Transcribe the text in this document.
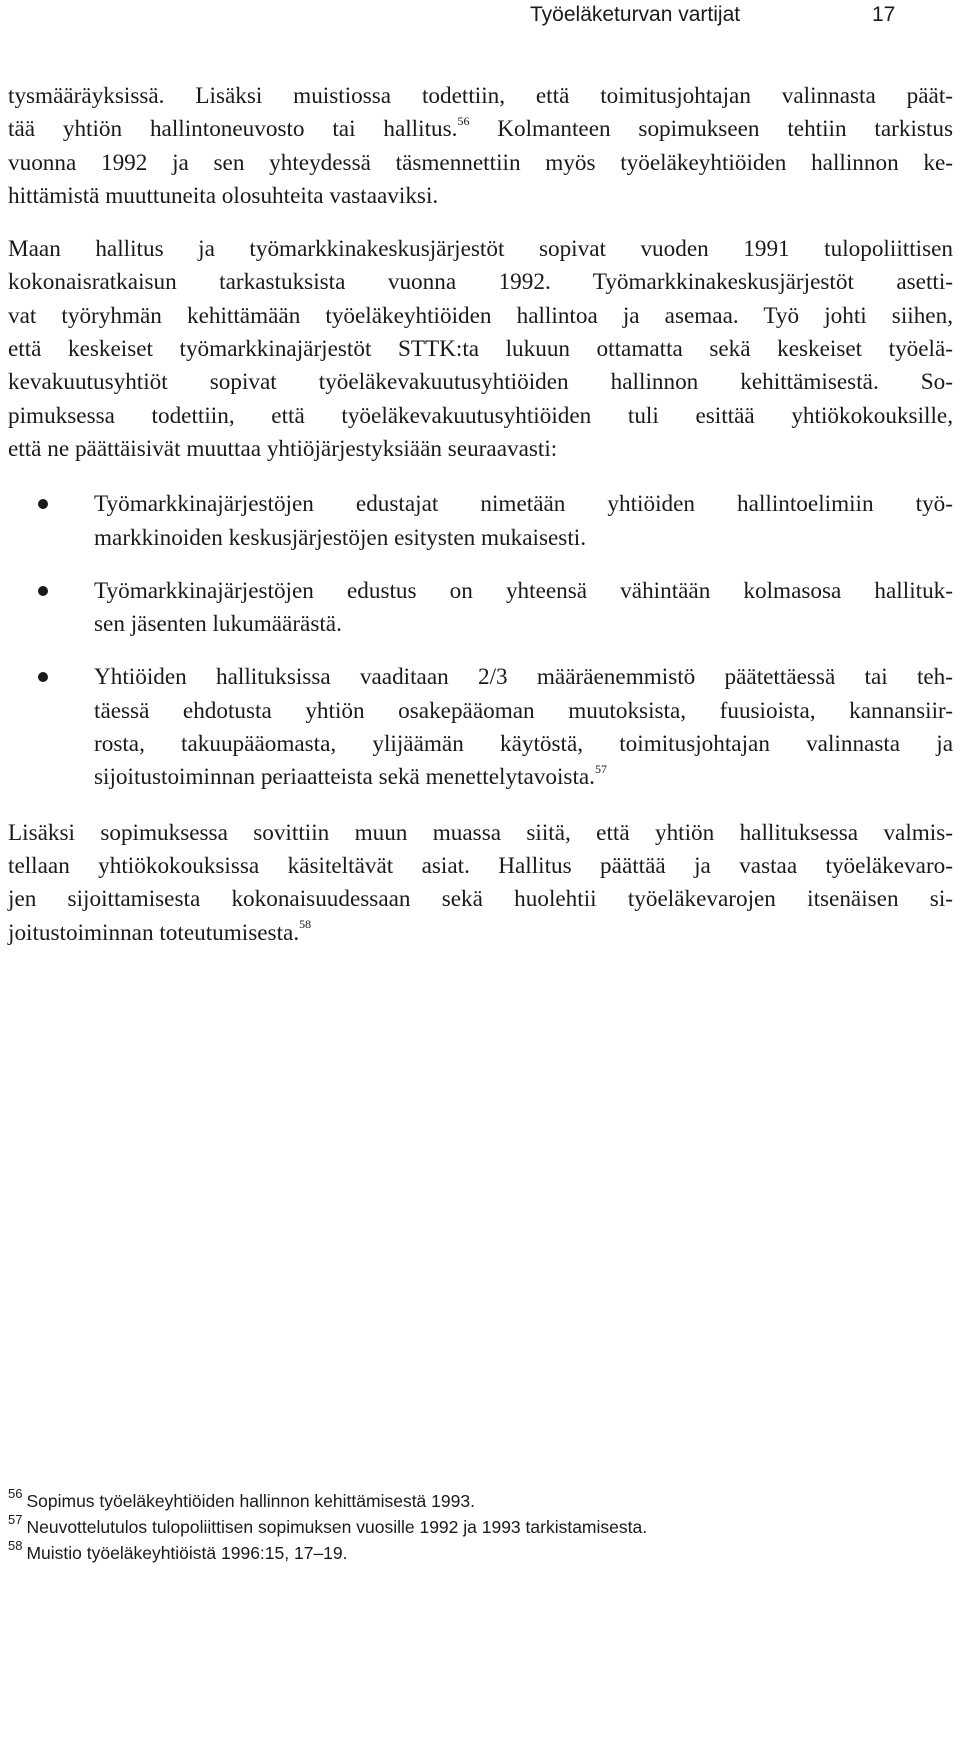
Työeläketurvan vartijat	17
tysmääräyksissä. Lisäksi muistiossa todettiin, että toimitusjohtajan valinnasta päät-
tää yhtiön hallintoneuvosto tai hallitus.$^{56}$ Kolmanteen sopimukseen tehtiin tarkistus
vuonna 1992 ja sen yhteydessä täsmennettiin myös työeläkeyhtiöiden hallinnon ke-
hittämistä muuttuneita olosuhteita vastaaviksi.
Maan hallitus ja työmarkkinakeskusjärjestöt sopivat vuoden 1991 tulopoliittisen
kokonaisratkaisun tarkastuksista vuonna 1992. Työmarkkinakeskusjärjestöt asetti-
vat työryhmän kehittämään työeläkeyhtiöiden hallintoa ja asemaa. Työ johti siihen,
että keskeiset työmarkkinajärjestöt STTK:ta lukuun ottamatta sekä keskeiset työelä-
kevakuutusyhtiöt sopivat työeläkevakuutusyhtiöiden hallinnon kehittämisestä. So-
pimuksessa todettiin, että työeläkevakuutusyhtiöiden tuli esittää yhtiökokouksille,
että ne päättäisivät muuttaa yhtiöjärjestyksiään seuraavasti:
Työmarkkinajärjestöjen edustajat nimetään yhtiöiden hallintoelimiin työ-
markkinoiden keskusjärjestöjen esitysten mukaisesti.
Työmarkkinajärjestöjen edustus on yhteensä vähintään kolmasosa hallituk-
sen jäsenten lukumäärästä.
Yhtiöiden hallituksissa vaaditaan 2/3 määräenemmistö päätettäessä tai teh-
täessä ehdotusta yhtiön osakepääoman muutoksista, fuusioista, kannansiir-
rosta, takuupääomasta, ylijäämän käytöstä, toimitusjohtajan valinnasta ja
sijoitustoiminnan periaatteista sekä menettelytavoista.$^{57}$
Lisäksi sopimuksessa sovittiin muun muassa siitä, että yhtiön hallituksessa valmis-
tellaan yhtiökokouksissa käsiteltävät asiat. Hallitus päättää ja vastaa työeläkevaro-
jen sijoittamisesta kokonaisuudessaan sekä huolehtii työeläkevarojen itsenäisen si-
joitustoiminnan toteutumisesta.$^{58}$
$^{56}$ Sopimus työeläkeyhtiöiden hallinnon kehittämisestä 1993.
$^{57}$ Neuvottelutulos tulopoliittisen sopimuksen vuosille 1992 ja 1993 tarkistamisesta.
$^{58}$ Muistio työeläkeyhtiöistä 1996:15, 17–19.
